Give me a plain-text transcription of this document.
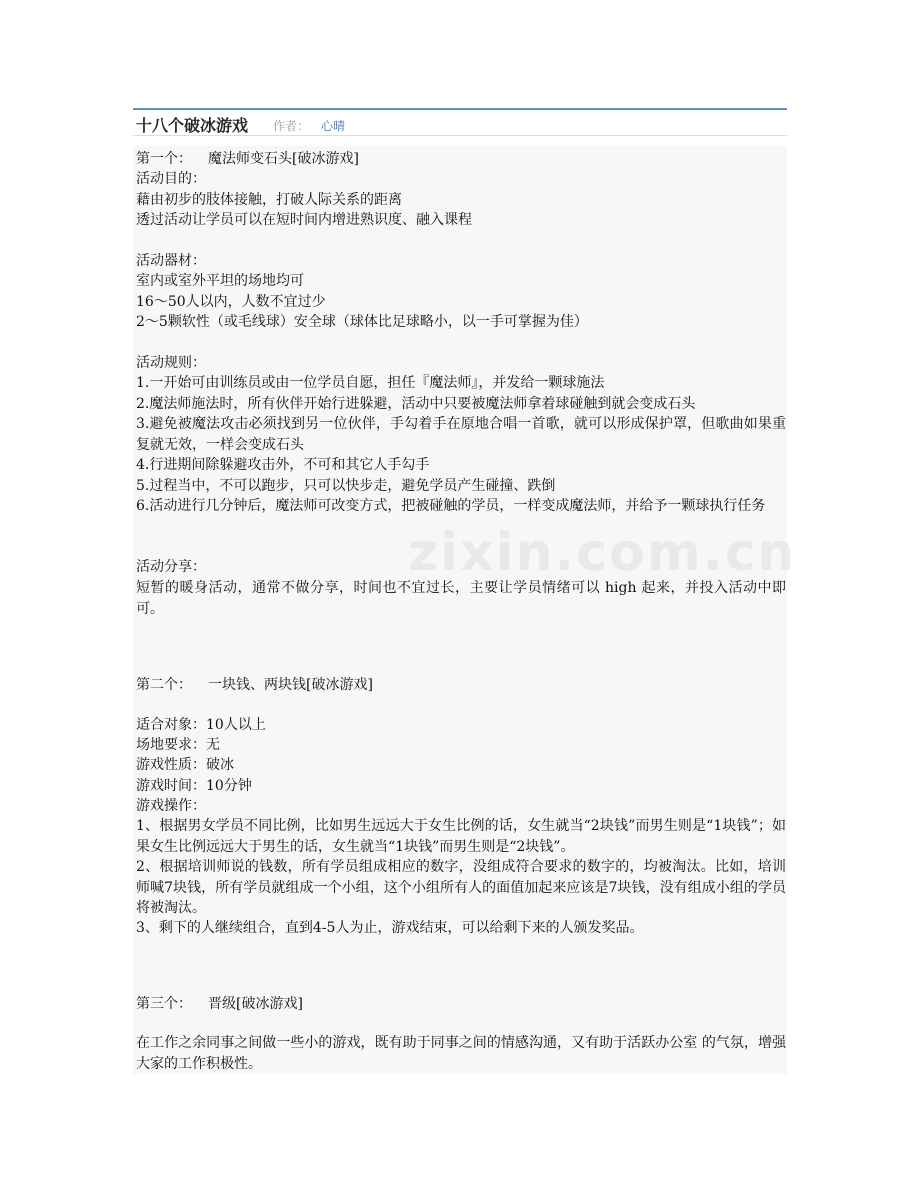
十八个破冰游戏 作者： 心晴
第一个： 魔法师变石头[破冰游戏]
活动目的：
藉由初步的肢体接触，打破人际关系的距离
透过活动让学员可以在短时间内增进熟识度、融入课程
活动器材：
室内或室外平坦的场地均可
16～50人以内，人数不宜过少
2～5颗软性（或毛线球）安全球（球体比足球略小，以一手可掌握为佳）
活动规则：
1.一开始可由训练员或由一位学员自愿，担任『魔法师』，并发给一颗球施法
2.魔法师施法时，所有伙伴开始行进躲避，活动中只要被魔法师拿着球碰触到就会变成石头
3.避免被魔法攻击必须找到另一位伙伴，手勾着手在原地合唱一首歌，就可以形成保护罩，但歌曲如果重复就无效，一样会变成石头
4.行进期间除躲避攻击外，不可和其它人手勾手
5.过程当中，不可以跑步，只可以快步走，避免学员产生碰撞、跌倒
6.活动进行几分钟后，魔法师可改变方式，把被碰触的学员，一样变成魔法师，并给予一颗球执行任务
活动分享：
短暂的暖身活动，通常不做分享，时间也不宜过长，主要让学员情绪可以 high 起来，并投入活动中即可。
第二个： 一块钱、两块钱[破冰游戏]
适合对象：10人以上
场地要求：无
游戏性质：破冰
游戏时间：10分钟
游戏操作：
1、根据男女学员不同比例，比如男生远远大于女生比例的话，女生就当“2块钱”而男生则是“1块钱”；如果女生比例远远大于男生的话，女生就当“1块钱”而男生则是“2块钱”。
2、根据培训师说的钱数，所有学员组成相应的数字，没组成符合要求的数字的，均被淘汰。比如，培训师喊7块钱，所有学员就组成一个小组，这个小组所有人的面值加起来应该是7块钱，没有组成小组的学员将被淘汰。
3、剩下的人继续组合，直到4-5人为止，游戏结束，可以给剩下来的人颁发奖品。
第三个： 晋级[破冰游戏]
在工作之余同事之间做一些小的游戏，既有助于同事之间的情感沟通，又有助于活跃办公室 的气氛，增强大家的工作积极性。
zixin.com.cn
